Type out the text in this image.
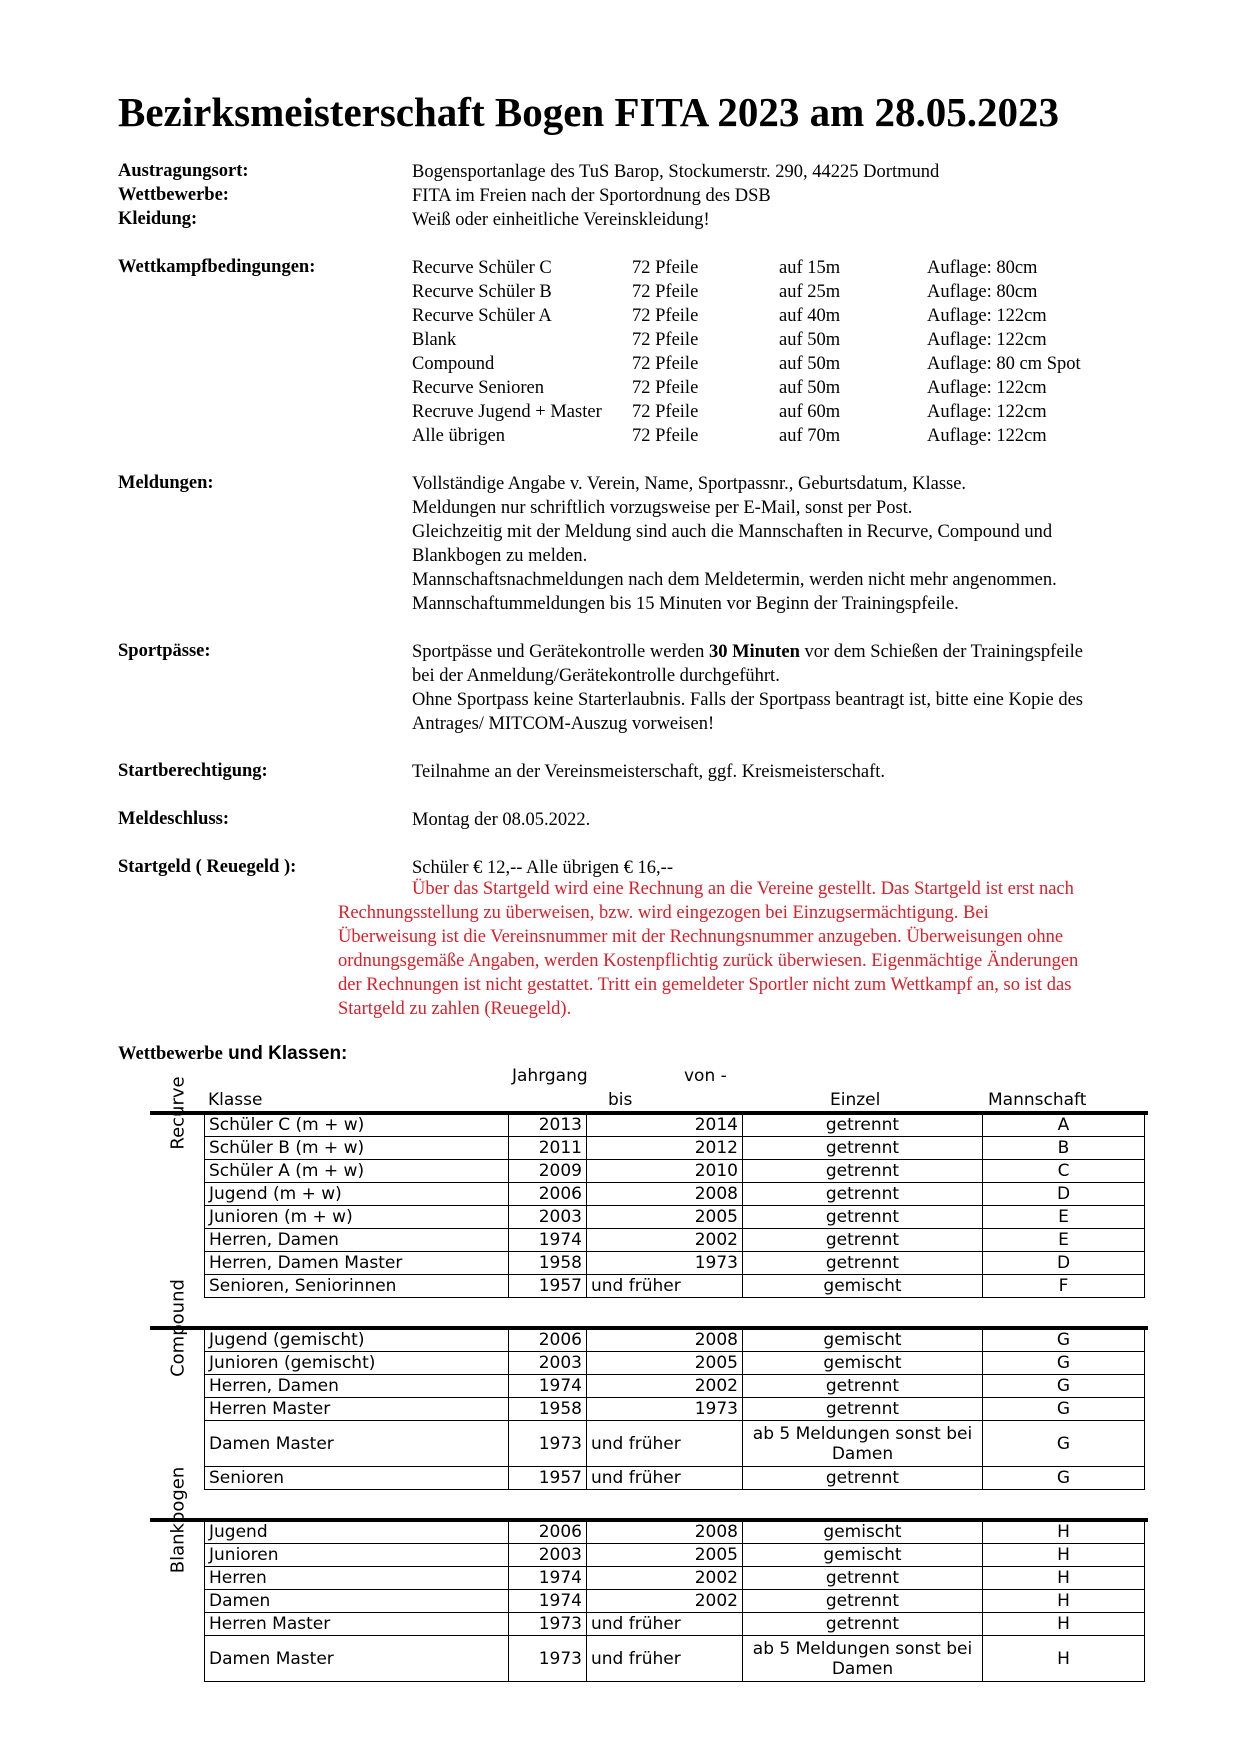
Bezirksmeisterschaft Bogen FITA 2023 am 28.05.2023
Austragungsort:	Bogensportanlage des TuS Barop, Stockumerstr. 290, 44225 Dortmund
Wettbewerbe:	FITA im Freien nach der Sportordnung des DSB
Kleidung:	Weiß oder einheitliche Vereinskleidung!
Wettkampfbedingungen:	Recurve Schüler C	72 Pfeile	auf 15m	Auflage: 80cm
Recurve Schüler B	72 Pfeile	auf 25m	Auflage: 80cm
Recurve Schüler A	72 Pfeile	auf 40m	Auflage: 122cm
Blank	72 Pfeile	auf 50m	Auflage: 122cm
Compound	72 Pfeile	auf 50m	Auflage: 80 cm Spot
Recurve Senioren	72 Pfeile	auf 50m	Auflage: 122cm
Recruve Jugend + Master 72 Pfeile	auf 60m	Auflage: 122cm
Alle übrigen	72 Pfeile	auf 70m	Auflage: 122cm
Meldungen:	Vollständige Angabe v. Verein, Name, Sportpassnr., Geburtsdatum, Klasse.
Meldungen nur schriftlich vorzugsweise per E-Mail, sonst per Post.
Gleichzeitig mit der Meldung sind auch die Mannschaften in Recurve, Compound und
Blankbogen zu melden.
Mannschaftsnachmeldungen nach dem Meldetermin, werden nicht mehr angenommen.
Mannschaftummeldungen bis 15 Minuten vor Beginn der Trainingspfeile.
Sportpässe:	Sportpässe und Gerätekontrolle werden 30 Minuten vor dem Schießen der Trainingspfeile
bei der Anmeldung/Gerätekontrolle durchgeführt.
Ohne Sportpass keine Starterlaubnis. Falls der Sportpass beantragt ist, bitte eine Kopie des
Antrages/ MITCOM-Auszug vorweisen!
Startberechtigung:	Teilnahme an der Vereinsmeisterschaft, ggf. Kreismeisterschaft.
Meldeschluss:	Montag der 08.05.2022.
Startgeld ( Reuegeld ):	Schüler € 12,-- Alle übrigen € 16,--
Über das Startgeld wird eine Rechnung an die Vereine gestellt. Das Startgeld ist erst nach
Rechnungsstellung zu überweisen, bzw. wird eingezogen bei Einzugsermächtigung. Bei
Überweisung ist die Vereinsnummer mit der Rechnungsnummer anzugeben. Überweisungen ohne
ordnungsgemäße Angaben, werden Kostenpflichtig zurück überwiesen. Eigenmächtige Änderungen
der Rechnungen ist nicht gestattet. Tritt ein gemeldeter Sportler nicht zum Wettkampf an, so ist das
Startgeld zu zahlen (Reuegeld).
Wettbewerbe und Klassen:
Jahrgang	von -
Klasse	bis	Einzel	Mannschaft
Recurve Schüler C (m + w)	2013	2014	getrennt	A
Schüler B (m + w)	2011	2012	getrennt	B
Schüler A (m + w)	2009	2010	getrennt	C
Jugend (m + w)	2006	2008	getrennt	D
Junioren (m + w)	2003	2005	getrennt	E
Herren, Damen	1974	2002	getrennt	E
Herren, Damen Master	1958	1973	getrennt	D
Senioren, Seniorinnen	1957	und früher	gemischt	F
Compound Jugend (gemischt)	2006	2008	gemischt	G
Junioren (gemischt)	2003	2005	gemischt	G
Herren, Damen	1974	2002	getrennt	G
Herren Master	1958	1973	getrennt	G
Damen Master	1973	und früher	ab 5 Meldungen sonst bei Damen	G
Senioren	1957	und früher	getrennt	G
Blankbogen Jugend	2006	2008	gemischt	H
Junioren	2003	2005	gemischt	H
Herren	1974	2002	getrennt	H
Damen	1974	2002	getrennt	H
Herren Master	1973	und früher	getrennt	H
Damen Master	1973	und früher	ab 5 Meldungen sonst bei Damen	H
